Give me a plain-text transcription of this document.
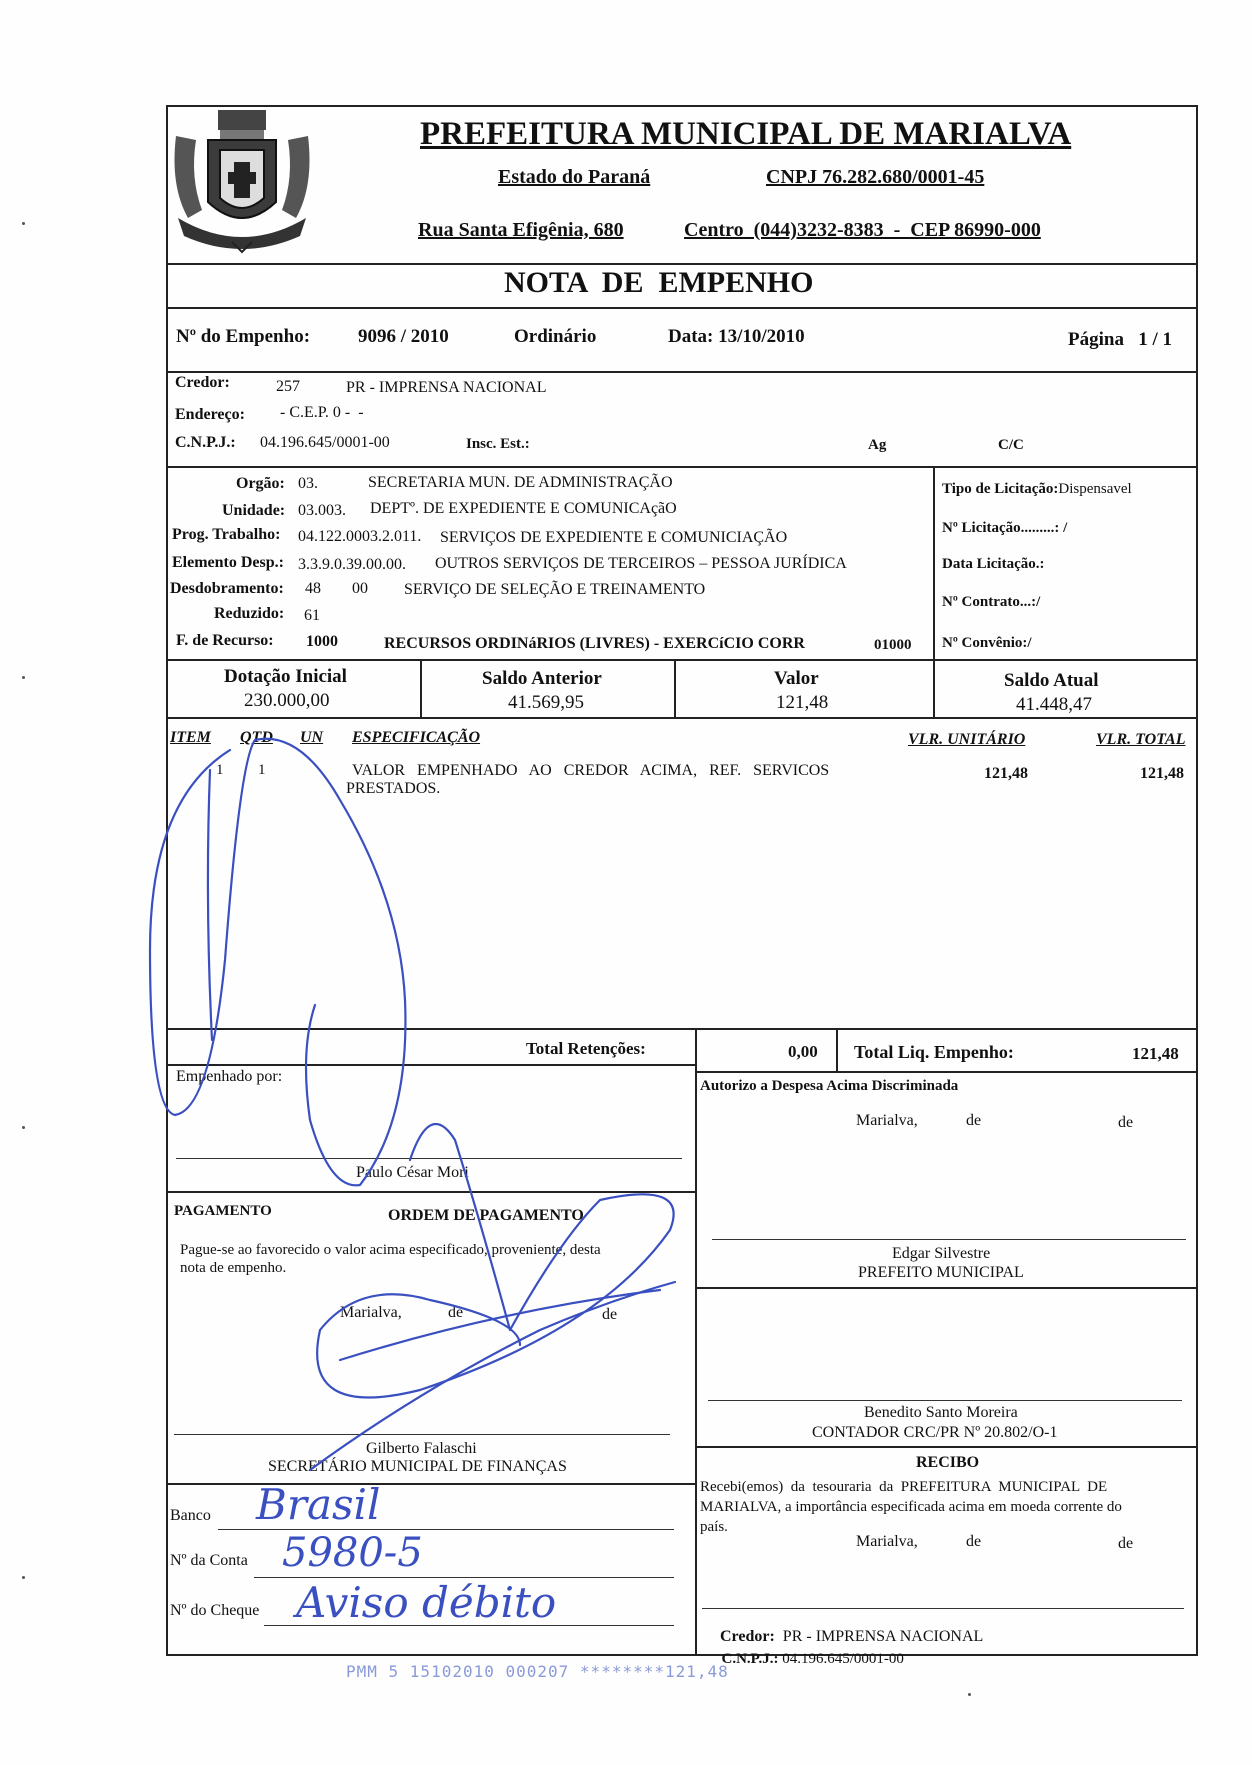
PREFEITURA MUNICIPAL DE MARIALVA
Estado do Paraná	CNPJ 76.282.680/0001-45
Rua Santa Efigênia, 680	Centro  (044)3232-8383  -  CEP 86990-000
NOTA  DE  EMPENHO
Nº do Empenho:	9096 / 2010	Ordinário	Data: 13/10/2010	Página   1 / 1
Credor:	257	PR - IMPRENSA NACIONAL
Endereço: - C.E.P. 0 -  -
C.N.P.J.: 04.196.645/0001-00	Insc. Est.:	Ag	C/C
Orgão: 03.	SECRETARIA MUN. DE ADMINISTRAÇÃO
Unidade: 03.003. DEPTº. DE EXPEDIENTE E COMUNICAçãO
Prog. Trabalho: 04.122.0003.2.011. SERVIÇOS DE EXPEDIENTE E COMUNICIAÇÃO
Elemento Desp.: 3.3.9.0.39.00.00. OUTROS SERVIÇOS DE TERCEIROS – PESSOA JURÍDICA
Desdobramento: 48 00 SERVIÇO DE SELEÇÃO E TREINAMENTO
Reduzido: 61
F. de Recurso: 1000	RECURSOS ORDINáRIOS (LIVRES) - EXERCíCIO CORR	01000
Tipo de Licitação:Dispensavel
Nº Licitação.........: /
Data Licitação.:
Nº Contrato...:/
Nº Convênio:/
Dotação Inicial
230.000,00
Saldo Anterior
41.569,95
Valor
121,48
Saldo Atual
41.448,47
ITEM QTD UN ESPECIFICAÇÃO	VLR. UNITÁRIO	VLR. TOTAL
1 1	VALOR   EMPENHADO   AO   CREDOR   ACIMA,   REF.   SERVICOS
PRESTADOS.
121,48	121,48
Total Retenções:	0,00 Total Liq. Empenho:	121,48
Empenhado por:
Paulo César Mori
Autorizo a Despesa Acima Discriminada
Marialva,	de	de
Edgar Silvestre
PREFEITO MUNICIPAL
PAGAMENTO	ORDEM DE PAGAMENTO
Pague-se ao favorecido o valor acima especificado, proveniente, desta
nota de empenho.
Marialva,	de	de
Gilberto Falaschi
SECRETÁRIO MUNICIPAL DE FINANÇAS
Benedito Santo Moreira
CONTADOR CRC/PR Nº 20.802/O-1
RECIBO
Recebi(emos)  da  tesouraria  da  PREFEITURA  MUNICIPAL  DE
MARIALVA, a importância especificada acima em moeda corrente do
país.
Marialva,	de	de

Credor: PR - IMPRENSA NACIONAL

C.N.P.J.: 04.196.645/0001-00

Banco Brasil
Nº da Conta 5980-5
Nº do Cheque Aviso débito
PMM 5 15102010 000207 ********121,48
